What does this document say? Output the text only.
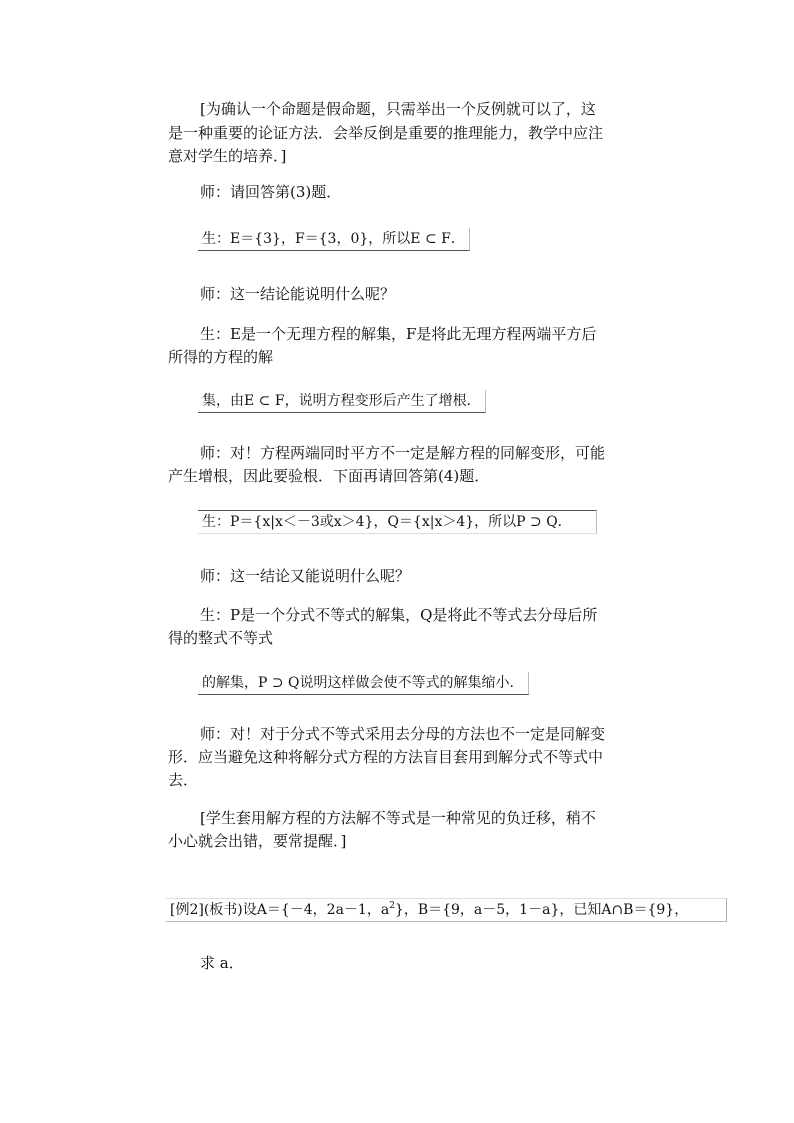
[为确认一个命题是假命题，只需举出一个反例就可以了，这
是一种重要的论证方法．会举反倒是重要的推理能力，教学中应注
意对学生的培养．]
师：请回答第(3)题．
生：E＝{3}，F＝{3，0}，所以E ⊂ F．
师：这一结论能说明什么呢？
生：E是一个无理方程的解集，F是将此无理方程两端平方后
所得的方程的解
集，由E ⊂ F，说明方程变形后产生了增根．
师：对！方程两端同时平方不一定是解方程的同解变形，可能
产生增根，因此要验根．下面再请回答第(4)题．
生：P＝{x|x＜－3或x＞4}，Q＝{x|x＞4}，所以P ⊃ Q．
师：这一结论又能说明什么呢？
生：P是一个分式不等式的解集，Q是将此不等式去分母后所
得的整式不等式
的解集，P ⊃ Q说明这样做会使不等式的解集缩小．
师：对！对于分式不等式采用去分母的方法也不一定是同解变
形．应当避免这种将解分式方程的方法盲目套用到解分式不等式中
去．
[学生套用解方程的方法解不等式是一种常见的负迁移，稍不
小心就会出错，要常提醒．]
[例2](板书)设A＝{－4，2a－1，$a^2$}，B＝{9，a－5，1－a}，已知A∩B＝{9}，
求 a．
